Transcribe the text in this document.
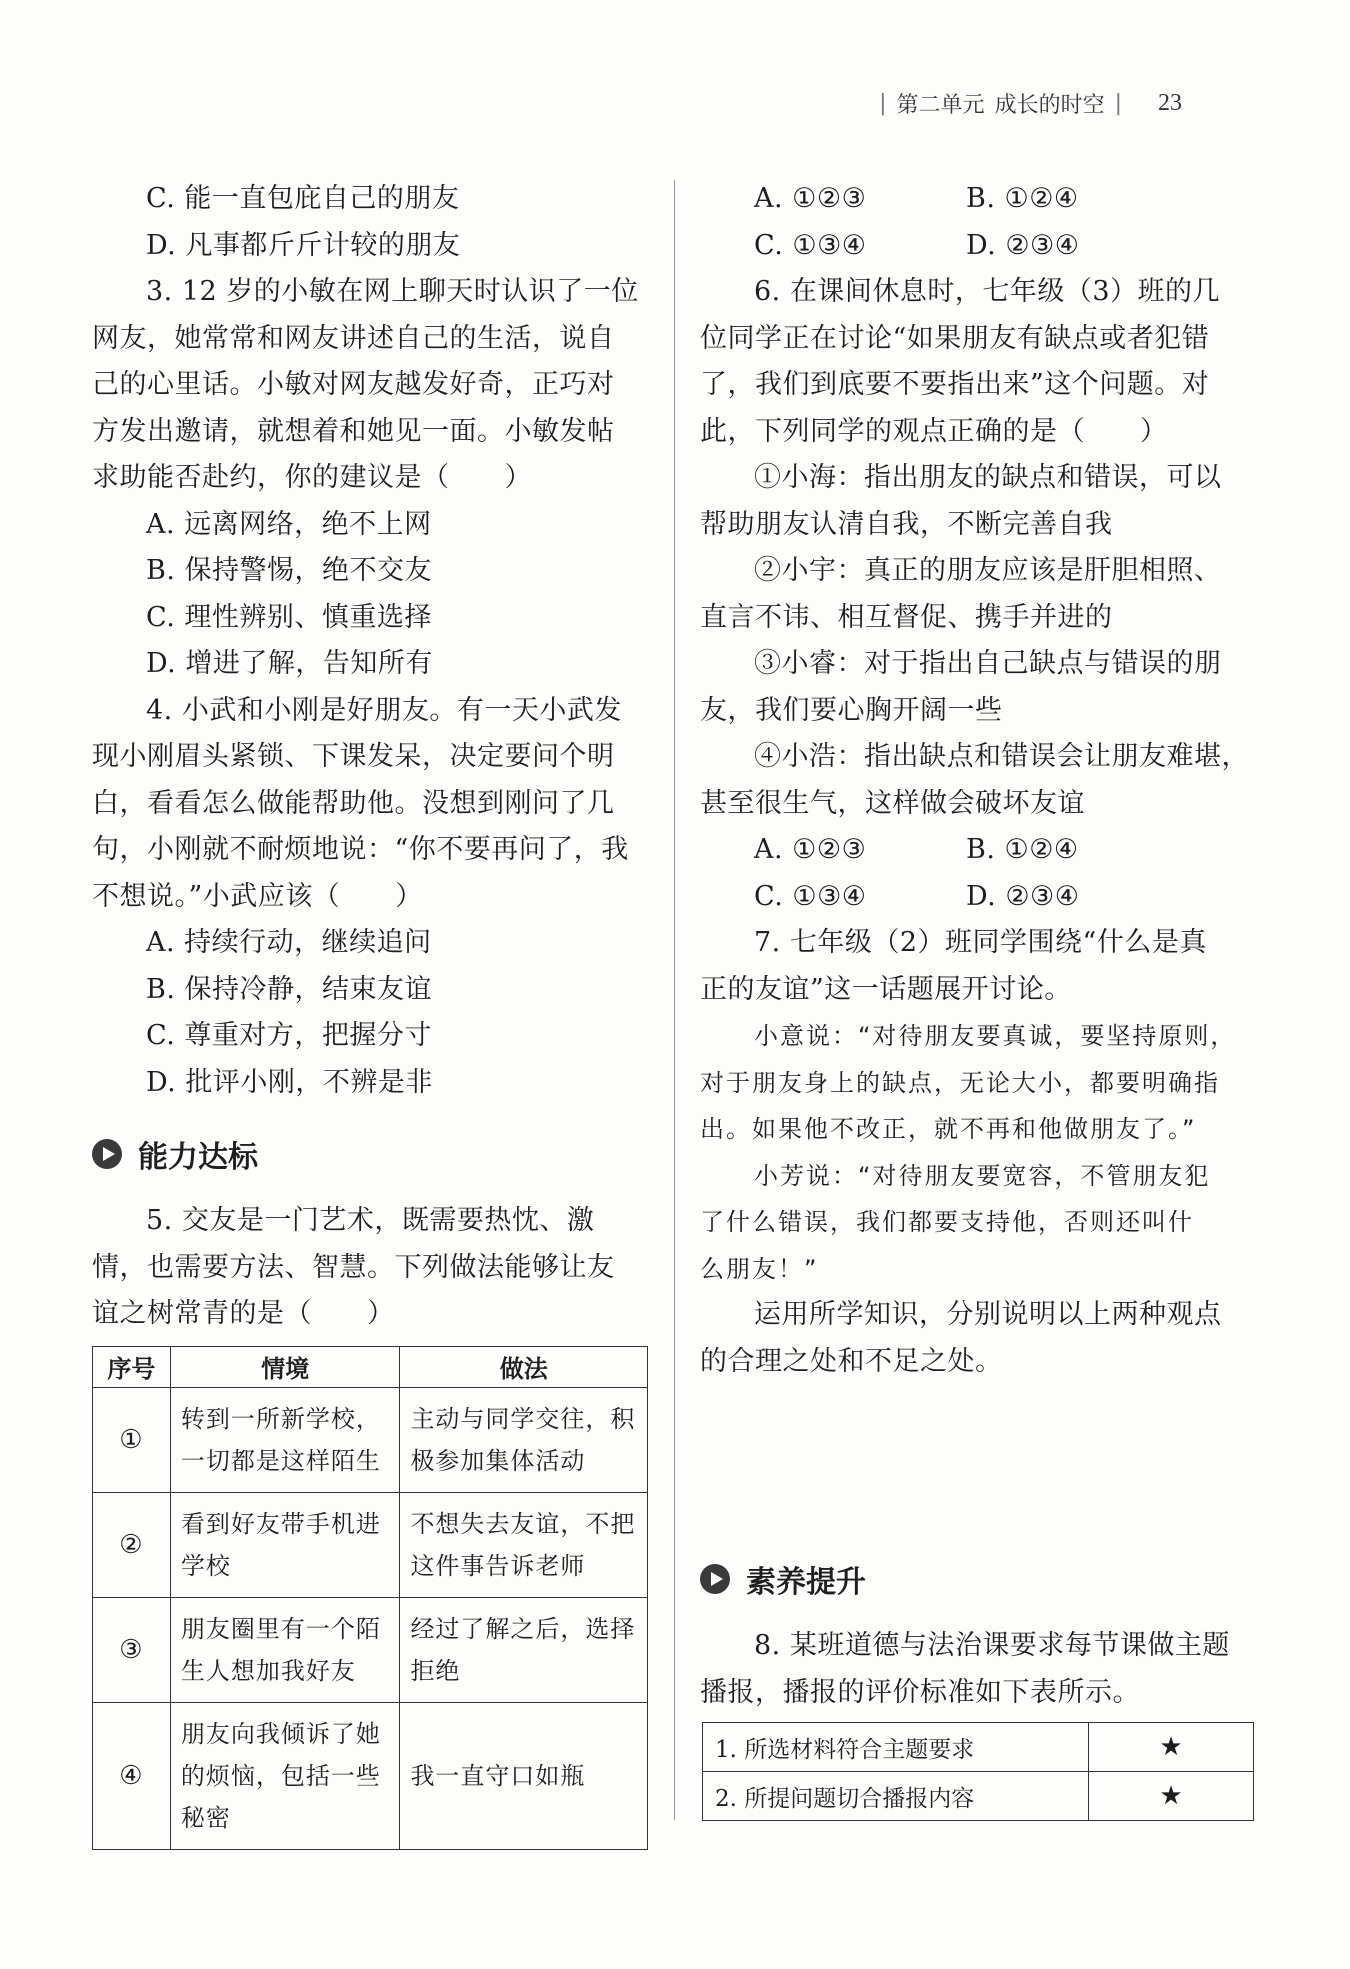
| 第二单元 成长的时空 | 23
C. 能一直包庇自己的朋友
D. 凡事都斤斤计较的朋友
3. 12 岁的小敏在网上聊天时认识了一位
网友，她常常和网友讲述自己的生活，说自
己的心里话。小敏对网友越发好奇，正巧对
方发出邀请，就想着和她见一面。小敏发帖
求助能否赴约，你的建议是（　　）
A. 远离网络，绝不上网
B. 保持警惕，绝不交友
C. 理性辨别、慎重选择
D. 增进了解，告知所有
4. 小武和小刚是好朋友。有一天小武发
现小刚眉头紧锁、下课发呆，决定要问个明
白，看看怎么做能帮助他。没想到刚问了几
句，小刚就不耐烦地说：“你不要再问了，我
不想说。”小武应该（　　）
A. 持续行动，继续追问
B. 保持冷静，结束友谊
C. 尊重对方，把握分寸
D. 批评小刚，不辨是非
能力达标
5. 交友是一门艺术，既需要热忱、激
情，也需要方法、智慧。下列做法能够让友
谊之树常青的是（　　）
序号	情境	做法
①	转到一所新学校，一切都是这样陌生	主动与同学交往，积极参加集体活动
②	看到好友带手机进学校	不想失去友谊，不把这件事告诉老师
③	朋友圈里有一个陌生人想加我好友	经过了解之后，选择拒绝
④	朋友向我倾诉了她的烦恼，包括一些秘密	我一直守口如瓶
A. ①②③	B. ①②④
C. ①③④	D. ②③④
6. 在课间休息时，七年级（3）班的几
位同学正在讨论“如果朋友有缺点或者犯错
了，我们到底要不要指出来”这个问题。对
此，下列同学的观点正确的是（　　）
①小海：指出朋友的缺点和错误，可以
帮助朋友认清自我，不断完善自我
②小宇：真正的朋友应该是肝胆相照、
直言不讳、相互督促、携手并进的
③小睿：对于指出自己缺点与错误的朋
友，我们要心胸开阔一些
④小浩：指出缺点和错误会让朋友难堪，
甚至很生气，这样做会破坏友谊
A. ①②③	B. ①②④
C. ①③④	D. ②③④
7. 七年级（2）班同学围绕“什么是真
正的友谊”这一话题展开讨论。
小意说：“对待朋友要真诚，要坚持原则，
对于朋友身上的缺点，无论大小，都要明确指
出。如果他不改正，就不再和他做朋友了。”
小芳说：“对待朋友要宽容，不管朋友犯
了什么错误，我们都要支持他，否则还叫什
么朋友！”
运用所学知识，分别说明以上两种观点
的合理之处和不足之处。
素养提升
8. 某班道德与法治课要求每节课做主题
播报，播报的评价标准如下表所示。
1. 所选材料符合主题要求	★
2. 所提问题切合播报内容	★
